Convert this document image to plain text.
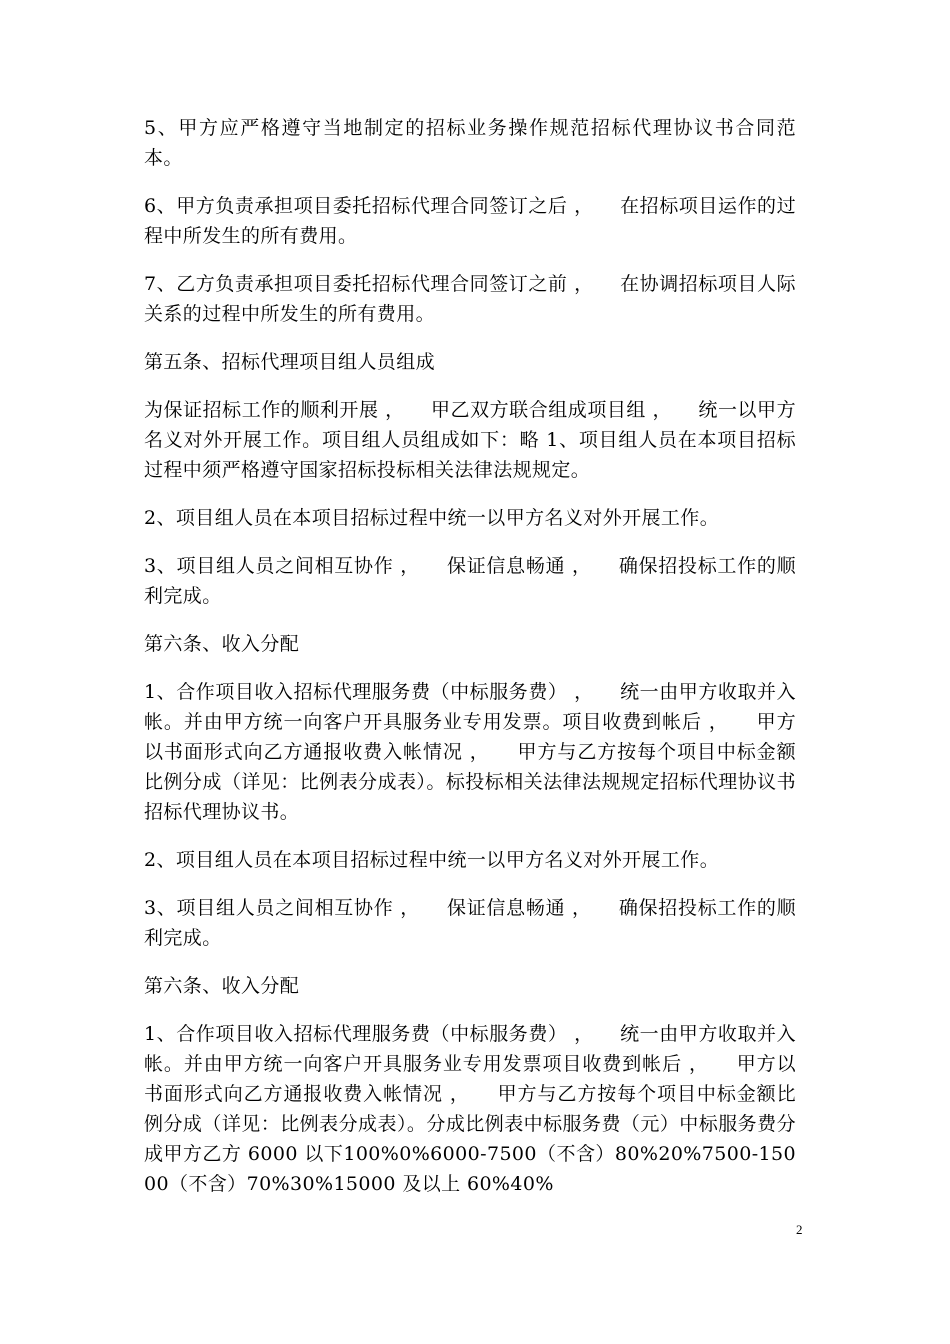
5、甲方应严格遵守当地制定的招标业务操作规范招标代理协议书合同范本。

6、甲方负责承担项目委托招标代理合同签订之后 ，    在招标项目运作的过程中所发生的所有费用。

7、乙方负责承担项目委托招标代理合同签订之前 ，    在协调招标项目人际关系的过程中所发生的所有费用。

第五条、招标代理项目组人员组成

为保证招标工作的顺利开展 ，    甲乙双方联合组成项目组 ，    统一以甲方名义对外开展工作。项目组人员组成如下：略 1、项目组人员在本项目招标过程中须严格遵守国家招标投标相关法律法规规定。

2、项目组人员在本项目招标过程中统一以甲方名义对外开展工作。

3、项目组人员之间相互协作 ，    保证信息畅通 ，    确保招投标工作的顺利完成。

第六条、收入分配

1、合作项目收入招标代理服务费（中标服务费） ，    统一由甲方收取并入帐。并由甲方统一向客户开具服务业专用发票。项目收费到帐后 ，    甲方以书面形式向乙方通报收费入帐情况 ，    甲方与乙方按每个项目中标金额比例分成（详见：比例表分成表）。标投标相关法律法规规定招标代理协议书招标代理协议书。

2、项目组人员在本项目招标过程中统一以甲方名义对外开展工作。

3、项目组人员之间相互协作 ，    保证信息畅通 ，    确保招投标工作的顺利完成。

第六条、收入分配

1、合作项目收入招标代理服务费（中标服务费） ，    统一由甲方收取并入帐。并由甲方统一向客户开具服务业专用发票项目收费到帐后 ，    甲方以书面形式向乙方通报收费入帐情况 ，    甲方与乙方按每个项目中标金额比例分成（详见：比例表分成表）。分成比例表中标服务费（元）中标服务费分成甲方乙方 6000 以下100%0%6000-7500（不含）80%20%7500-15000（不含）70%30%15000 及以上 60%40%

2
